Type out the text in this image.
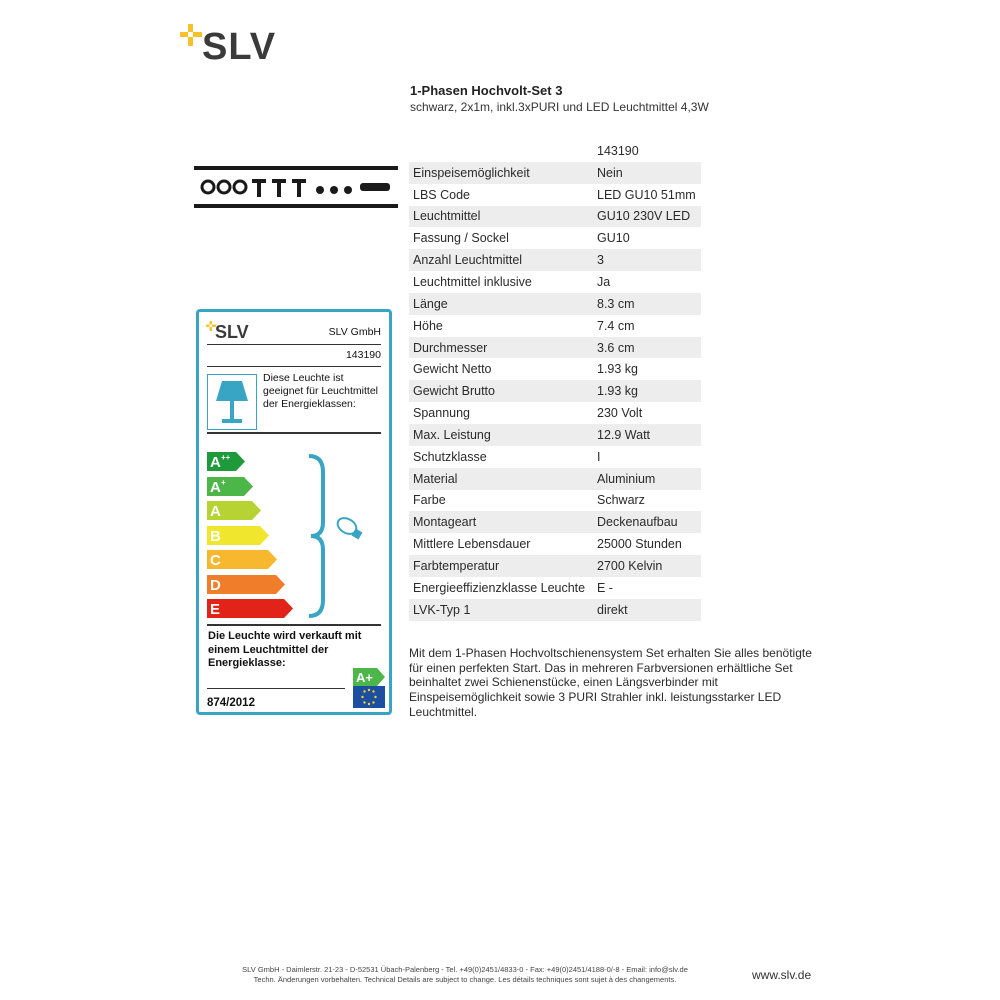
SLV
1-Phasen Hochvolt-Set 3
schwarz, 2x1m, inkl.3xPURI und LED Leuchtmittel 4,3W
	143190
Einspeisemöglichkeit	Nein
LBS Code	LED GU10 51mm
Leuchtmittel	GU10 230V LED
Fassung / Sockel	GU10
Anzahl Leuchtmittel	3
Leuchtmittel inklusive	Ja
Länge	8.3 cm
Höhe	7.4 cm
Durchmesser	3.6 cm
Gewicht Netto	1.93 kg
Gewicht Brutto	1.93 kg
Spannung	230 Volt
Max. Leistung	12.9 Watt
Schutzklasse	I
Material	Aluminium
Farbe	Schwarz
Montageart	Deckenaufbau
Mittlere Lebensdauer	25000 Stunden
Farbtemperatur	2700 Kelvin
Energieeffizienzklasse Leuchte	E -
LVK-Typ 1	direkt
SLV	SLV GmbH
143190
Diese Leuchte ist geeignet für Leuchtmittel der Energieklassen:
A ++
A +
A
B
C
D
E
Die Leuchte wird verkauft mit einem Leuchtmittel der Energieklasse:
874/2012
A+
Mit dem 1-Phasen Hochvoltschienensystem Set erhalten Sie alles benötigte für einen perfekten Start. Das in mehreren Farbversionen erhältliche Set beinhaltet zwei Schienenstücke, einen Längsverbinder mit Einspeisemöglichkeit sowie 3 PURI Strahler inkl. leistungsstarker LED Leuchtmittel.
SLV GmbH - Daimlerstr. 21-23 - D-52531 Übach-Palenberg - Tel. +49(0)2451/4833-0 - Fax: +49(0)2451/4188-0/-8 - Email: info@slv.de
Techn. Änderungen vorbehalten. Technical Details are subject to change. Les détails techniques sont sujet à des changements.	www.slv.de
